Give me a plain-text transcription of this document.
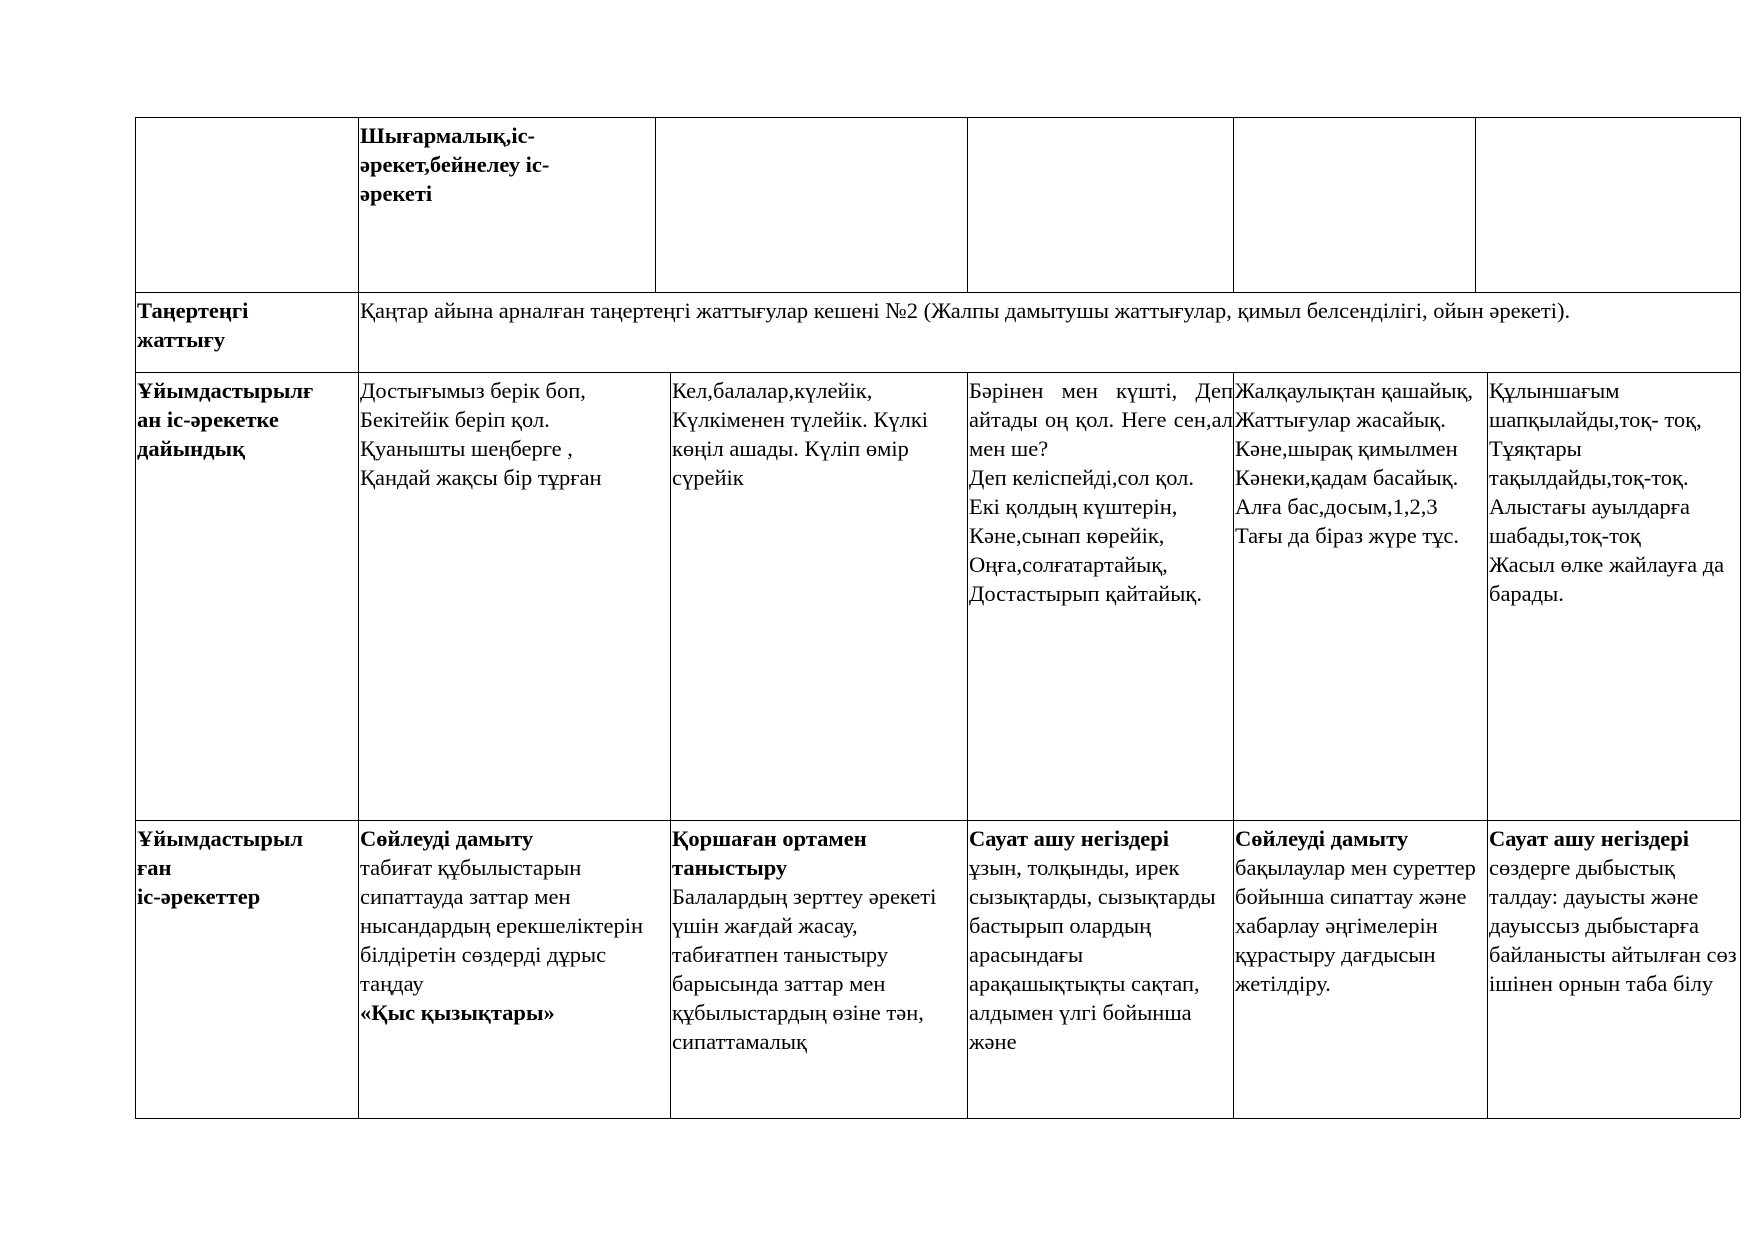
Шығармалық,іс-
әрекет,бейнелеу іс-
әрекеті
Таңертеңгі
жаттығу
Қаңтар айына арналған таңертеңгі жаттығулар кешені №2 (Жалпы дамытушы жаттығулар, қимыл белсенділігі, ойын әрекеті).
Ұйымдастырылғ
ан іс-әрекетке
дайындық
Достығымыз берік боп,
Бекітейік беріп қол.
Қуанышты шеңберге ,
Қандай жақсы бір тұрған
Кел,балалар,күлейік, Күлкіменен түлейік. Күлкі көңіл ашады. Күліп өмір сүрейік
Бәрінен мен күшті, Деп айтады оң қол. Неге сен,ал мен ше?
Деп келіспейді,сол қол.
Екі қолдың күштерін,
Кәне,сынап көрейік,
Оңға,солғатартайық,
Достастырып қайтайық.
Жалқаулықтан қашайық,
Жаттығулар жасайық.
Кәне,шырақ қимылмен
Кәнеки,қадам басайық.
Алға бас,досым,1,2,3
Тағы да біраз жүре тұс.
Құлыншағым шапқылайды,тоқ- тоқ,
Тұяқтары тақылдайды,тоқ-тоқ.
Алыстағы ауылдарға шабады,тоқ-тоқ
Жасыл өлке жайлауға да барады.
Ұйымдастырыл
ған
іс-әрекеттер
Сөйлеуді дамыту
табиғат құбылыстарын сипаттауда заттар мен нысандардың ерекшеліктерін білдіретін сөздерді дұрыс таңдау
«Қыс қызықтары»
Қоршаған ортамен
таныстыру
Балалардың зерттеу әрекеті үшін жағдай жасау, табиғатпен таныстыру барысында заттар мен құбылыстардың өзіне тән, сипаттамалық
Сауат ашу негіздері
ұзын, толқынды, ирек сызықтарды, сызықтарды бастырып олардың арасындағы арақашықтықты сақтап, алдымен үлгі бойынша және
Сөйлеуді дамыту
бақылаулар мен суреттер бойынша сипаттау және хабарлау әңгімелерін құрастыру дағдысын жетілдіру.
Сауат ашу негіздері
сөздерге дыбыстық талдау: дауысты және дауыссыз дыбыстарға байланысты айтылған сөз ішінен орнын таба білу
